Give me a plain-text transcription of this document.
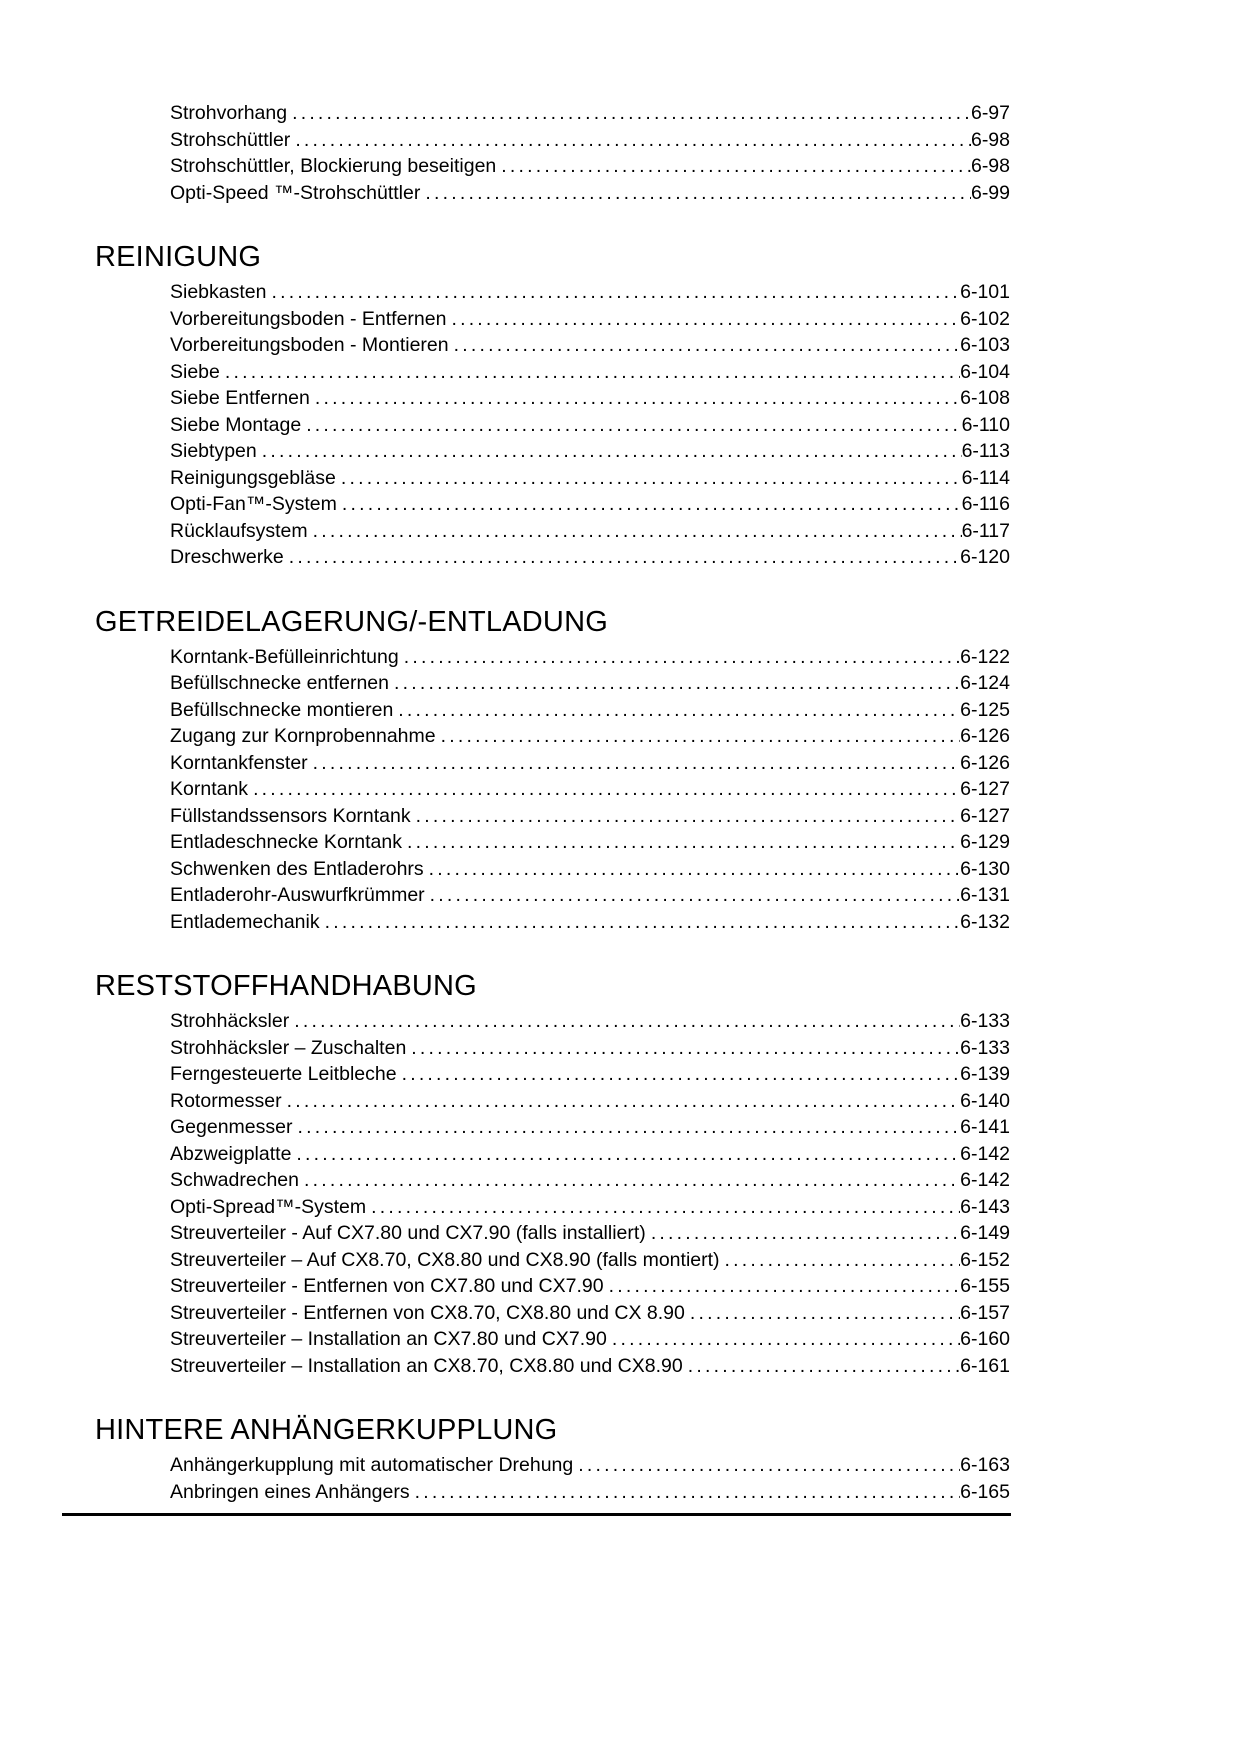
Strohvorhang .....	6-97
Strohschüttler .....	6-98
Strohschüttler, Blockierung beseitigen .....	6-98
Opti-Speed ™-Strohschüttler .....	6-99
REINIGUNG
Siebkasten .....	6-101
Vorbereitungsboden - Entfernen .....	6-102
Vorbereitungsboden - Montieren .....	6-103
Siebe .....	6-104
Siebe Entfernen .....	6-108
Siebe Montage .....	6-110
Siebtypen .....	6-113
Reinigungsgebläse .....	6-114
Opti-Fan™-System .....	6-116
Rücklaufsystem .....	6-117
Dreschwerke .....	6-120
GETREIDELAGERUNG/-ENTLADUNG
Korntank-Befülleinrichtung .....	6-122
Befüllschnecke entfernen .....	6-124
Befüllschnecke montieren .....	6-125
Zugang zur Kornprobennahme .....	6-126
Korntankfenster .....	6-126
Korntank .....	6-127
Füllstandssensors Korntank .....	6-127
Entladeschnecke Korntank .....	6-129
Schwenken des Entladerohrs .....	6-130
Entladerohr-Auswurfkrümmer .....	6-131
Entlademechanik .....	6-132
RESTSTOFFHANDHABUNG
Strohhäcksler .....	6-133
Strohhäcksler – Zuschalten .....	6-133
Ferngesteuerte Leitbleche .....	6-139
Rotormesser .....	6-140
Gegenmesser .....	6-141
Abzweigplatte .....	6-142
Schwadrechen .....	6-142
Opti-Spread™-System .....	6-143
Streuverteiler - Auf CX7.80 und CX7.90 (falls installiert) .....	6-149
Streuverteiler – Auf CX8.70, CX8.80 und CX8.90 (falls montiert) .....	6-152
Streuverteiler - Entfernen von CX7.80 und CX7.90 .....	6-155
Streuverteiler - Entfernen von CX8.70, CX8.80 und CX 8.90 .....	6-157
Streuverteiler – Installation an CX7.80 und CX7.90 .....	6-160
Streuverteiler – Installation an CX8.70, CX8.80 und CX8.90 .....	6-161
HINTERE ANHÄNGERKUPPLUNG
Anhängerkupplung mit automatischer Drehung .....	6-163
Anbringen eines Anhängers .....	6-165
